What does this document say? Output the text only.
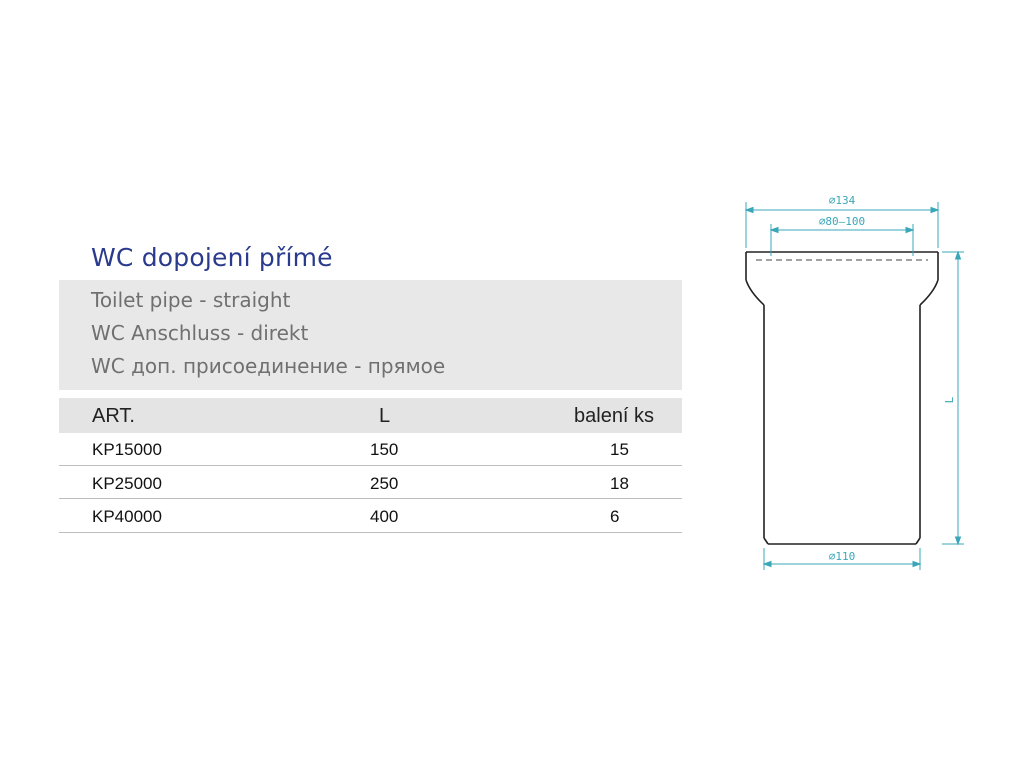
WC dopojení přímé
Toilet pipe - straight
WC Anschluss - direkt
WC доп. присоединение - прямое
ART.	L	balení ks
KP15000	150	15
KP25000	250	18
KP40000	400	6
⌀134
⌀80–100
⌀110
L
